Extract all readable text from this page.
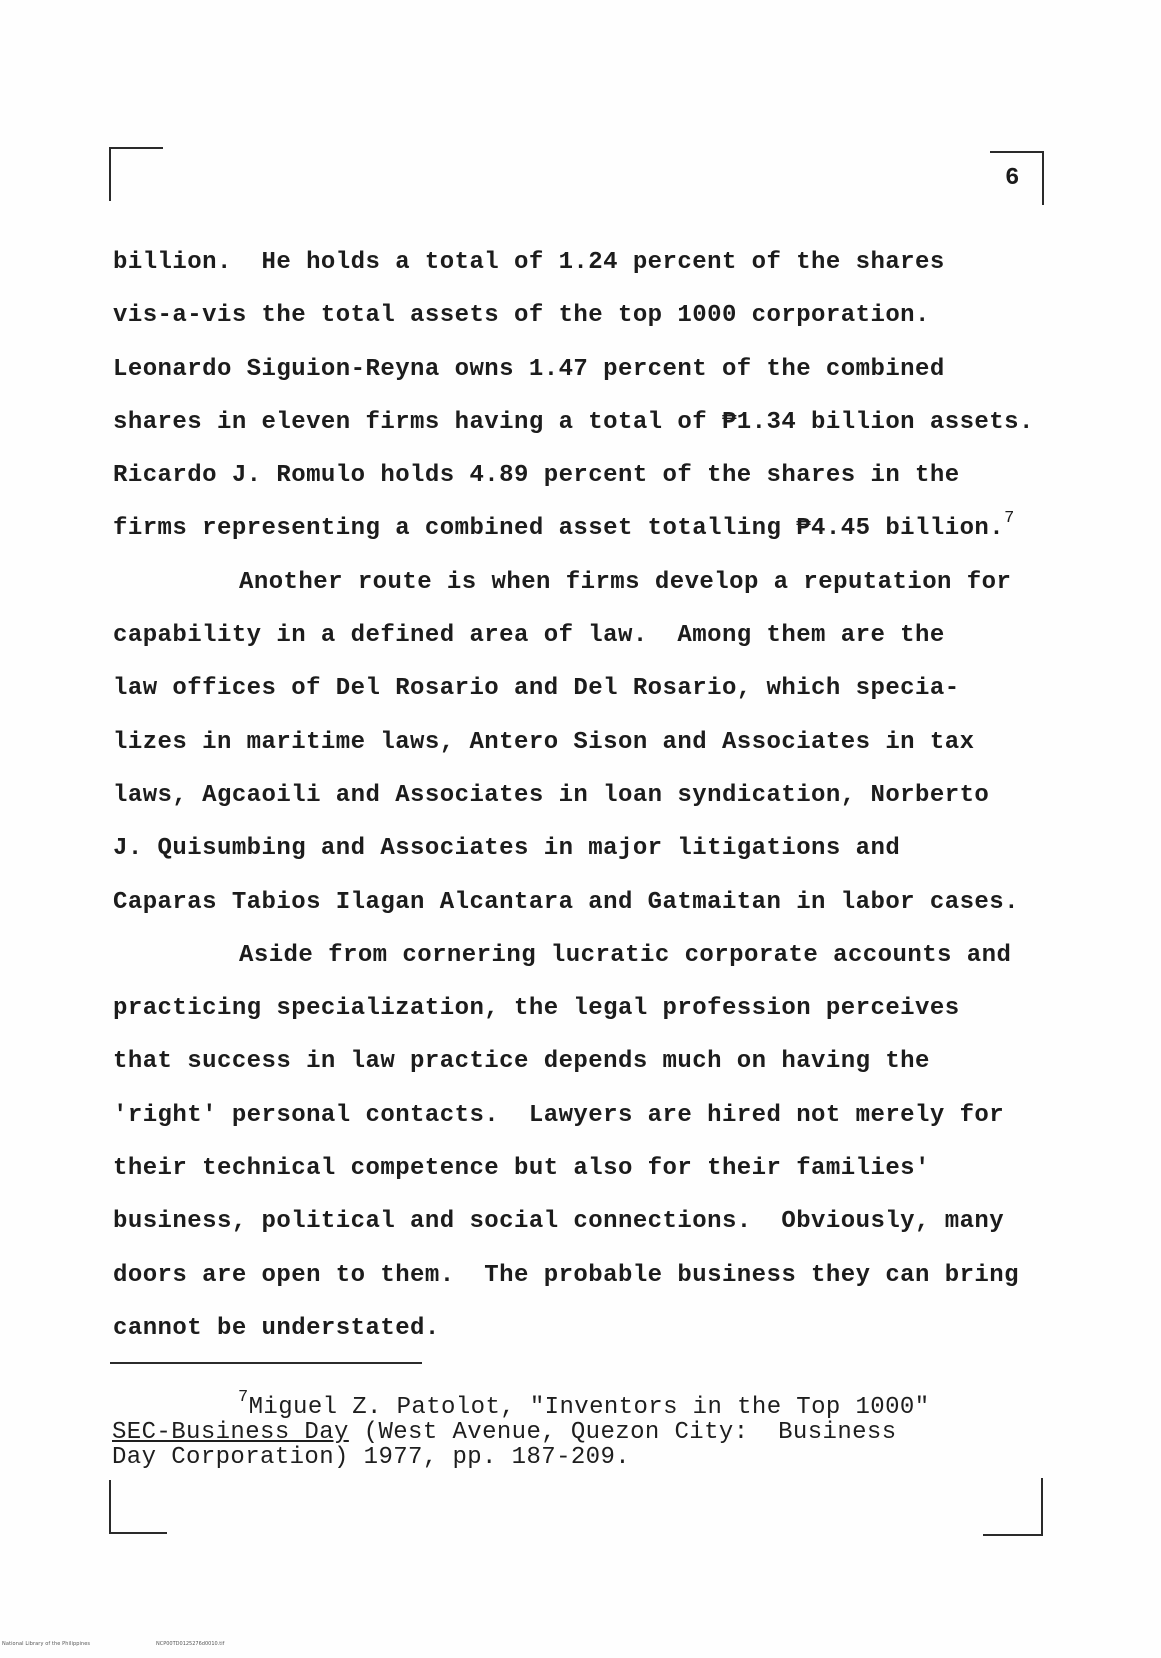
6
billion.  He holds a total of 1.24 percent of the shares
vis-a-vis the total assets of the top 1000 corporation.
Leonardo Siguion-Reyna owns 1.47 percent of the combined
shares in eleven firms having a total of ₱1.34 billion assets.
Ricardo J. Romulo holds 4.89 percent of the shares in the
firms representing a combined asset totalling ₱4.45 billion.$^7$
Another route is when firms develop a reputation for
capability in a defined area of law.  Among them are the
law offices of Del Rosario and Del Rosario, which specia-
lizes in maritime laws, Antero Sison and Associates in tax
laws, Agcaoili and Associates in loan syndication, Norberto
J. Quisumbing and Associates in major litigations and
Caparas Tabios Ilagan Alcantara and Gatmaitan in labor cases.
Aside from cornering lucratic corporate accounts and
practicing specialization, the legal profession perceives
that success in law practice depends much on having the
'right' personal contacts.  Lawyers are hired not merely for
their technical competence but also for their families'
business, political and social connections.  Obviously, many
doors are open to them.  The probable business they can bring
cannot be understated.
$^7$Miguel Z. Patolot, "Inventors in the Top 1000"
SEC-Business Day (West Avenue, Quezon City:  Business
Day Corporation) 1977, pp. 187-209.
National Library of the Philippines	NCP00TD0125276d0010.tif
